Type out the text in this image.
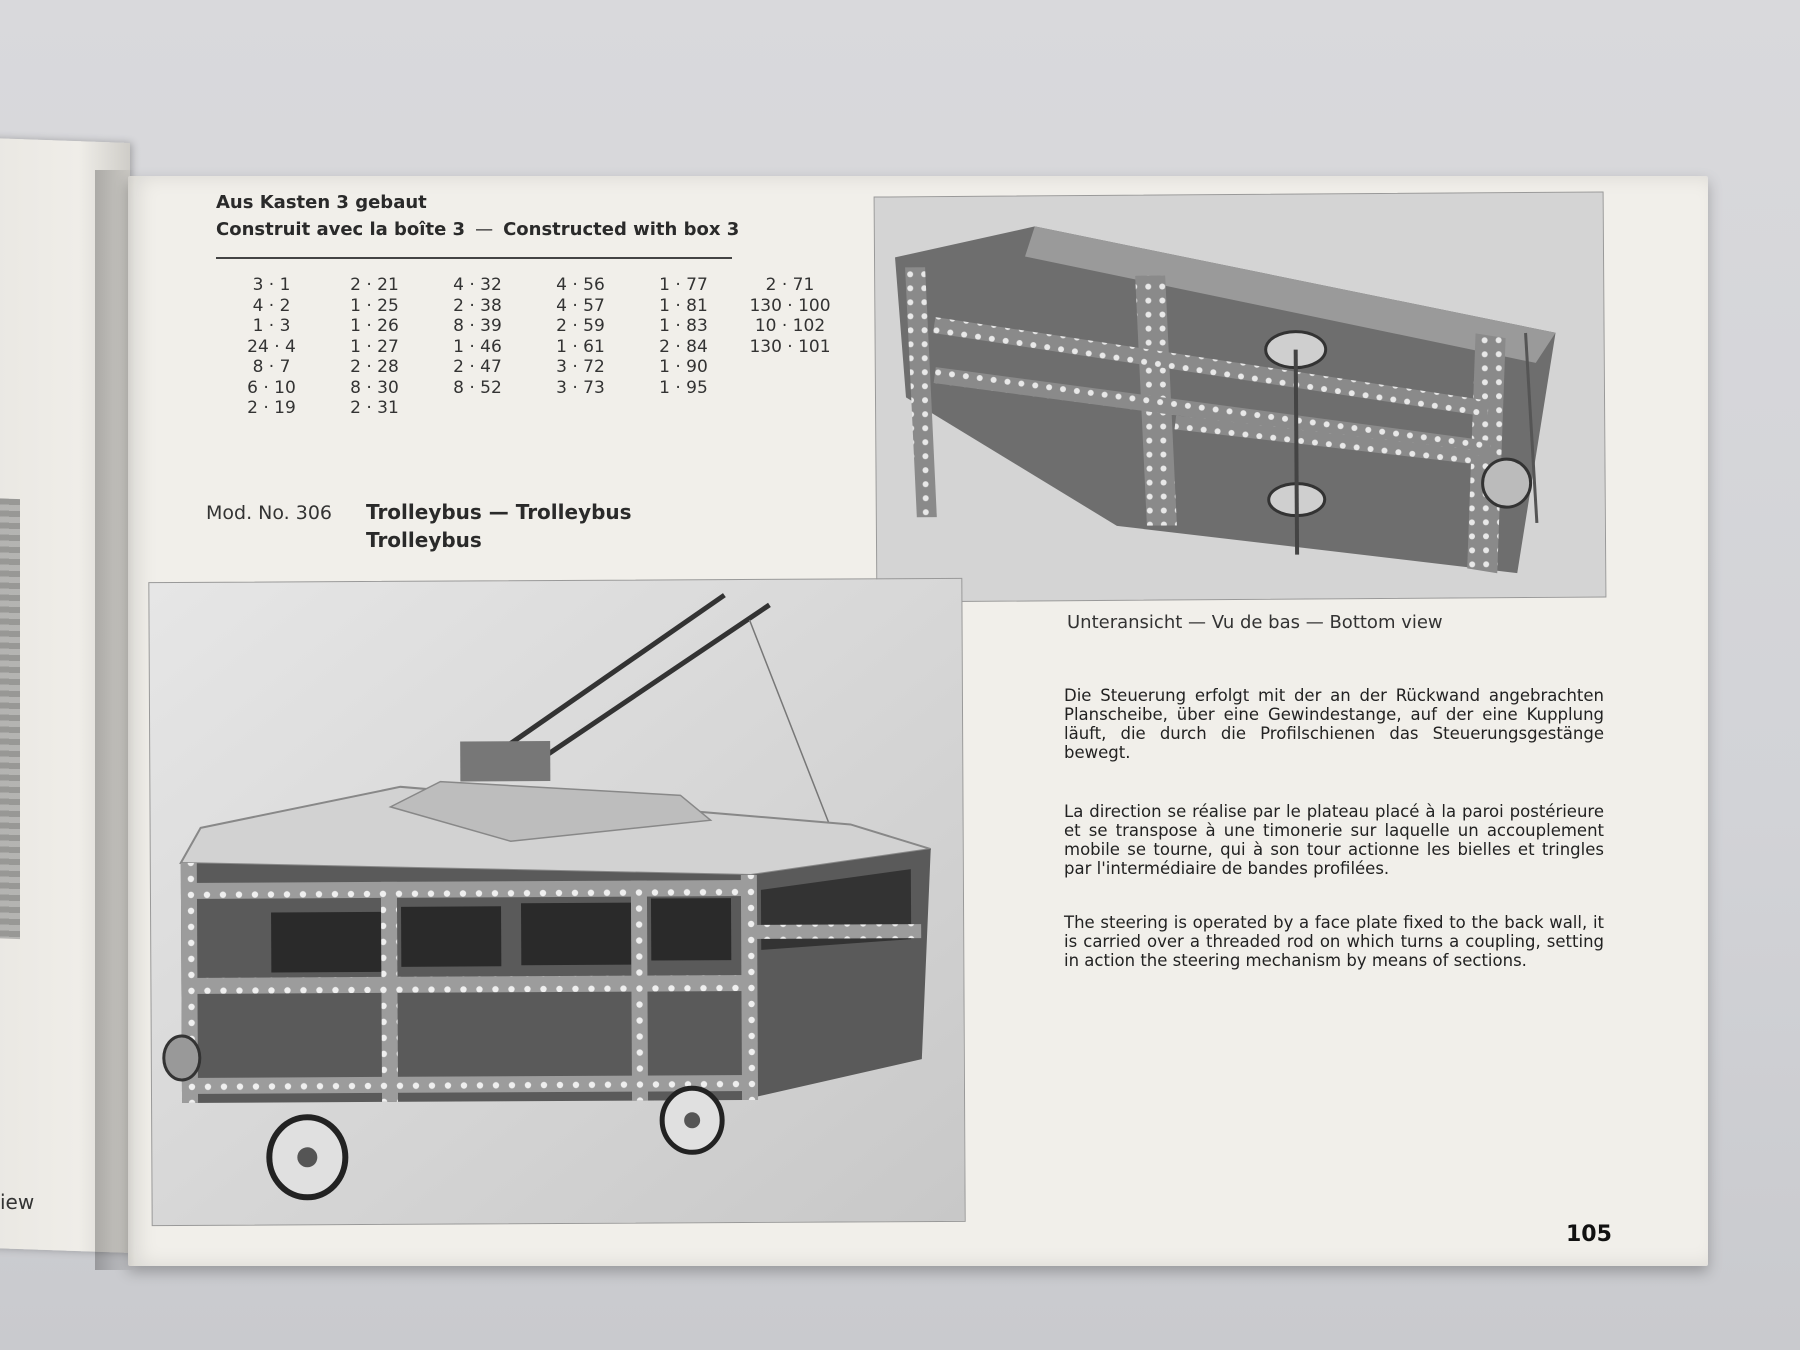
iew
Aus Kasten 3 gebaut
Construit avec la boîte 3 — Constructed with box 3
3 · 1
4 · 2
1 · 3
24 · 4
8 · 7
6 · 10
2 · 19
2 · 21
1 · 25
1 · 26
1 · 27
2 · 28
8 · 30
2 · 31
4 · 32
2 · 38
8 · 39
1 · 46
2 · 47
8 · 52
4 · 56
4 · 57
2 · 59
1 · 61
3 · 72
3 · 73
1 · 77
1 · 81
1 · 83
2 · 84
1 · 90
1 · 95
2 · 71
130 · 100
10 · 102
130 · 101
Mod. No. 306 Trolleybus — Trolleybus
Trolleybus
Unteransicht — Vu de bas — Bottom view
Die Steuerung erfolgt mit der an der Rückwand angebrachten Planscheibe, über eine Gewindestange, auf der eine Kupplung läuft, die durch die Profilschienen das Steuerungsgestänge bewegt.
La direction se réalise par le plateau placé à la paroi postérieure et se transpose à une timonerie sur laquelle un accouplement mobile se tourne, qui à son tour actionne les bielles et tringles par l'intermédiaire de bandes profilées.
The steering is operated by a face plate fixed to the back wall, it is carried over a threaded rod on which turns a coupling, setting in action the steering mechanism by means of sections.
105
